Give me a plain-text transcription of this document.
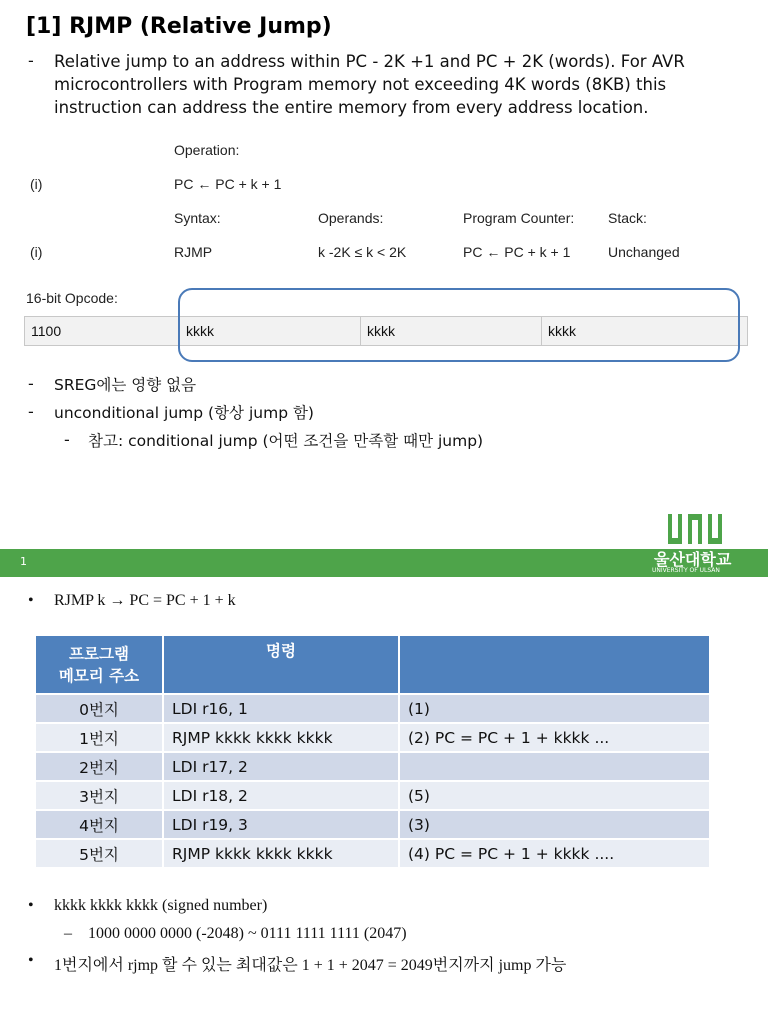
[1] RJMP (Relative Jump)
- Relative jump to an address within PC - 2K +1 and PC + 2K (words). For AVR microcontrollers with Program memory not exceeding 4K words (8KB) this instruction can address the entire memory from every address location.
Operation:
(i)	PC ← PC + k + 1
Syntax:	Operands:	Program Counter: Stack:
(i)	RJMP	k -2K ≤ k < 2K	PC ← PC + k + 1	Unchanged
16-bit Opcode:
1100	kkkk	kkkk	kkkk
- SREG에는 영향 없음
- unconditional jump (항상 jump 함)
- 참고: conditional jump (어떤 조건을 만족할 때만 jump)
1	울산대학교
UNIVERSITY OF ULSAN
• RJMP k → PC = PC + 1 + k
프로그램
메모리 주소	명령	
0번지	LDI r16, 1	(1)
1번지	RJMP kkkk kkkk kkkk	(2) PC = PC + 1 + kkkk ...
2번지	LDI r17, 2	
3번지	LDI r18, 2	(5)
4번지	LDI r19, 3	(3)
5번지	RJMP kkkk kkkk kkkk	(4) PC = PC + 1 + kkkk ....
• kkkk kkkk kkkk (signed number)
– 1000 0000 0000 (-2048) ~ 0111 1111 1111 (2047)
• 1번지에서 rjmp 할 수 있는 최대값은 1 + 1 + 2047 = 2049번지까지 jump 가능
